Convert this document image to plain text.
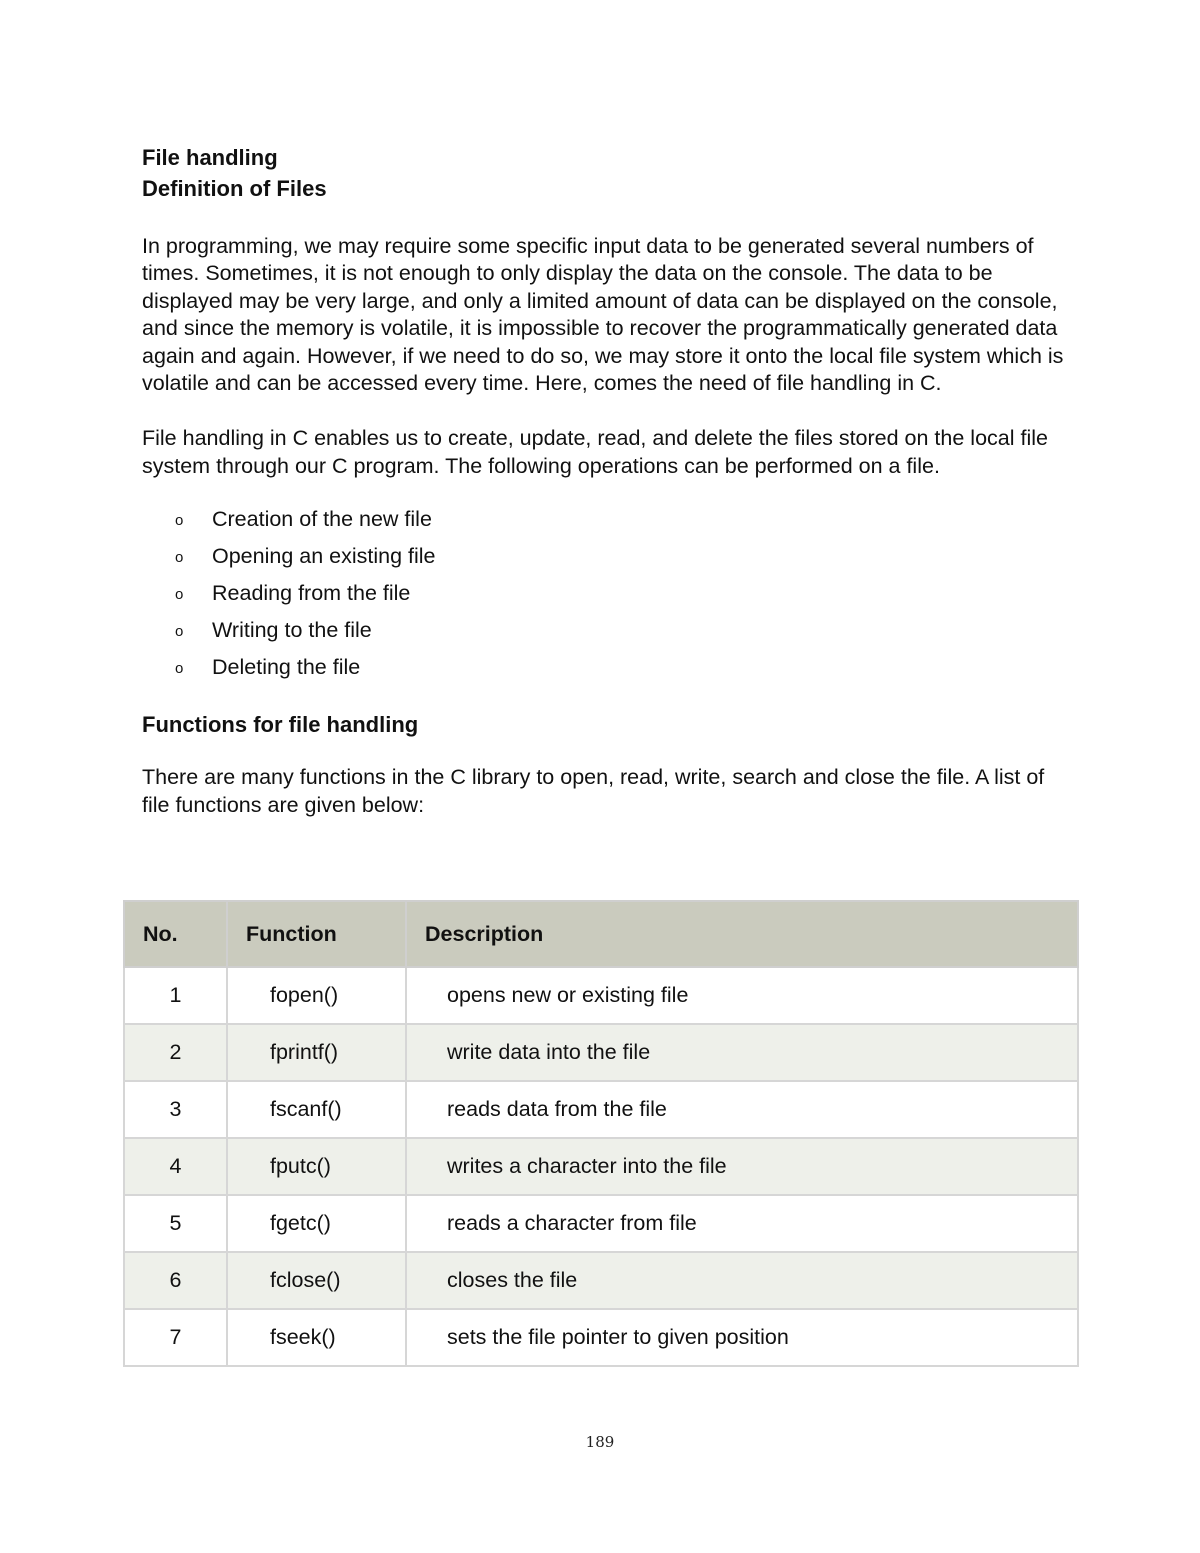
File handling
Definition of Files

In programming, we may require some specific input data to be generated several numbers of times. Sometimes, it is not enough to only display the data on the console. The data to be displayed may be very large, and only a limited amount of data can be displayed on the console, and since the memory is volatile, it is impossible to recover the programmatically generated data again and again. However, if we need to do so, we may store it onto the local file system which is volatile and can be accessed every time. Here, comes the need of file handling in C.

File handling in C enables us to create, update, read, and delete the files stored on the local file system through our C program. The following operations can be performed on a file.

o Creation of the new file
o Opening an existing file
o Reading from the file
o Writing to the file
o Deleting the file
Functions for file handling

There are many functions in the C library to open, read, write, search and close the file. A list of file functions are given below:

No.	Function	Description
1	fopen()	opens new or existing file
2	fprintf()	write data into the file
3	fscanf()	reads data from the file
4	fputc()	writes a character into the file
5	fgetc()	reads a character from file
6	fclose()	closes the file
7	fseek()	sets the file pointer to given position
189
